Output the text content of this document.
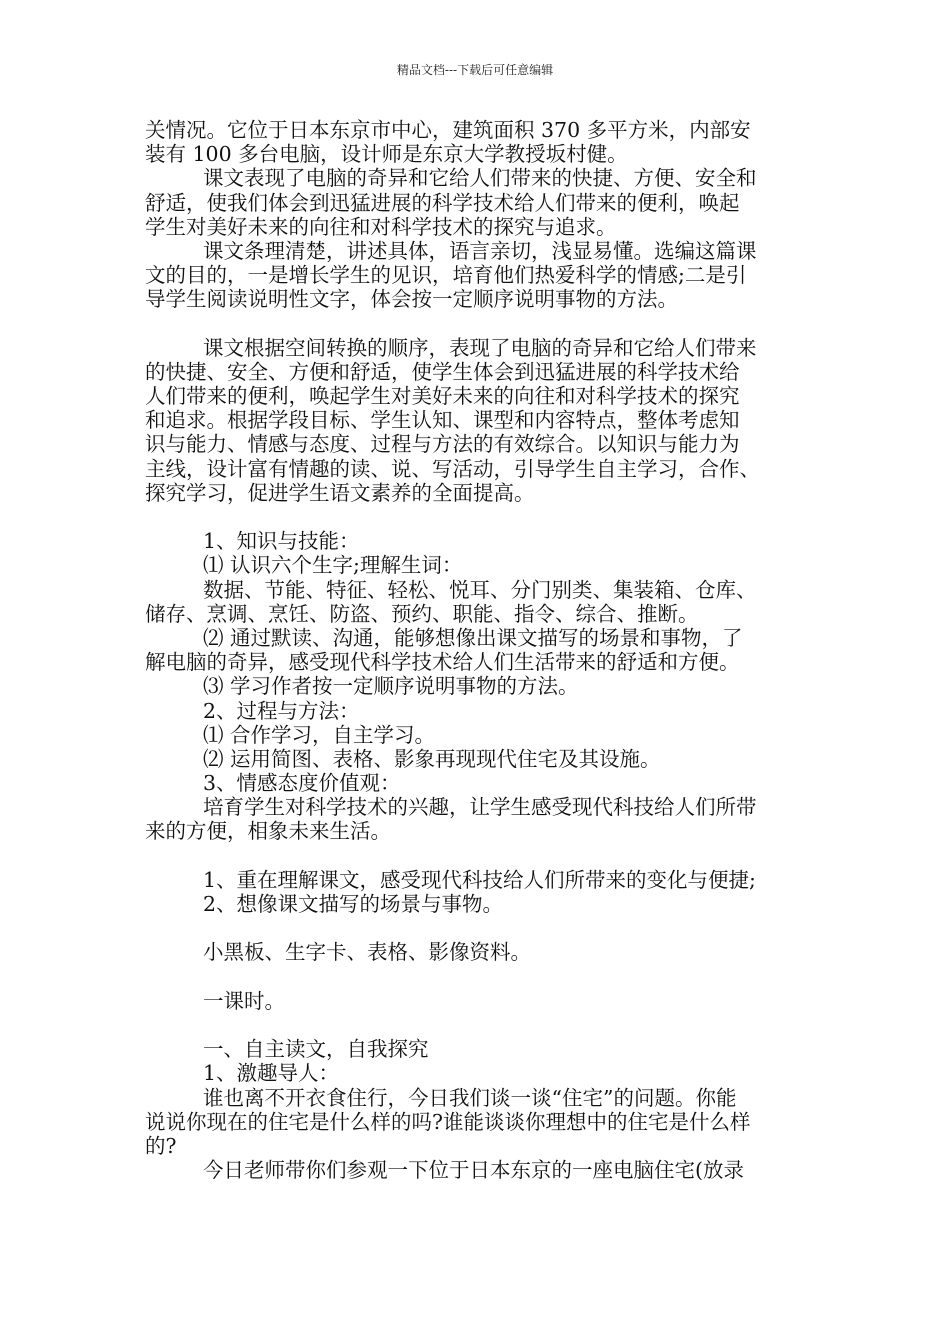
精品文档---下载后可任意编辑
关情况。它位于日本东京市中心，建筑面积 370 多平方米，内部安
装有 100 多台电脑，设计师是东京大学教授坂村健。
课文表现了电脑的奇异和它给人们带来的快捷、方便、安全和
舒适，使我们体会到迅猛进展的科学技术给人们带来的便利，唤起
学生对美好未来的向往和对科学技术的探究与追求。
课文条理清楚，讲述具体，语言亲切，浅显易懂。选编这篇课
文的目的，一是增长学生的见识，培育他们热爱科学的情感;二是引
导学生阅读说明性文字，体会按一定顺序说明事物的方法。
课文根据空间转换的顺序，表现了电脑的奇异和它给人们带来
的快捷、安全、方便和舒适，使学生体会到迅猛进展的科学技术给
人们带来的便利，唤起学生对美好未来的向往和对科学技术的探究
和追求。根据学段目标、学生认知、课型和内容特点，整体考虑知
识与能力、情感与态度、过程与方法的有效综合。以知识与能力为
主线，设计富有情趣的读、说、写活动，引导学生自主学习，合作、
探究学习，促进学生语文素养的全面提高。
1、知识与技能：
⑴ 认识六个生字;理解生词：
数据、节能、特征、轻松、悦耳、分门别类、集装箱、仓库、
储存、烹调、烹饪、防盗、预约、职能、指令、综合、推断。
⑵ 通过默读、沟通，能够想像出课文描写的场景和事物，了
解电脑的奇异，感受现代科学技术给人们生活带来的舒适和方便。
⑶ 学习作者按一定顺序说明事物的方法。
2、过程与方法：
⑴ 合作学习，自主学习。
⑵ 运用简图、表格、影象再现现代住宅及其设施。
3、情感态度价值观：
培育学生对科学技术的兴趣，让学生感受现代科技给人们所带
来的方便，相象未来生活。
1、重在理解课文，感受现代科技给人们所带来的变化与便捷;
2、想像课文描写的场景与事物。
小黑板、生字卡、表格、影像资料。
一课时。
一、自主读文，自我探究
1、激趣导人：
谁也离不开衣食住行，今日我们谈一谈“住宅”的问题。你能
说说你现在的住宅是什么样的吗?谁能谈谈你理想中的住宅是什么样
的?
今日老师带你们参观一下位于日本东京的一座电脑住宅(放录
